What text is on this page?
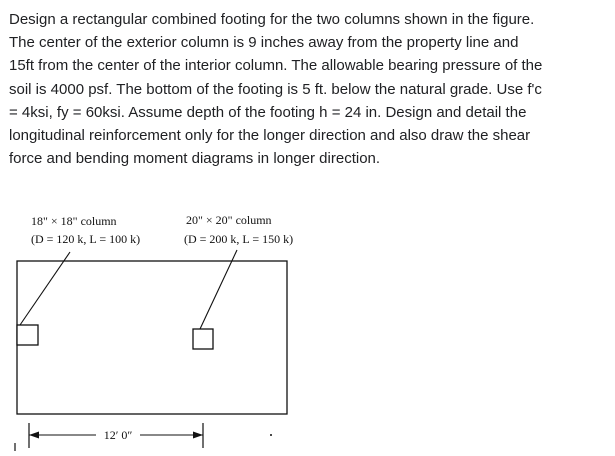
Design a rectangular combined footing for the two columns shown in the figure.
The center of the exterior column is 9 inches away from the property line and
15ft from the center of the interior column. The allowable bearing pressure of the
soil is 4000 psf. The bottom of the footing is 5 ft. below the natural grade. Use f'c
= 4ksi, fy = 60ksi. Assume depth of the footing h = 24 in. Design and detail the
longitudinal reinforcement only for the longer direction and also draw the shear
force and bending moment diagrams in longer direction.

18" × 18" column
(D = 120 k, L = 100 k)
20" × 20" column
(D = 200 k, L = 150 k)
12′ 0″
